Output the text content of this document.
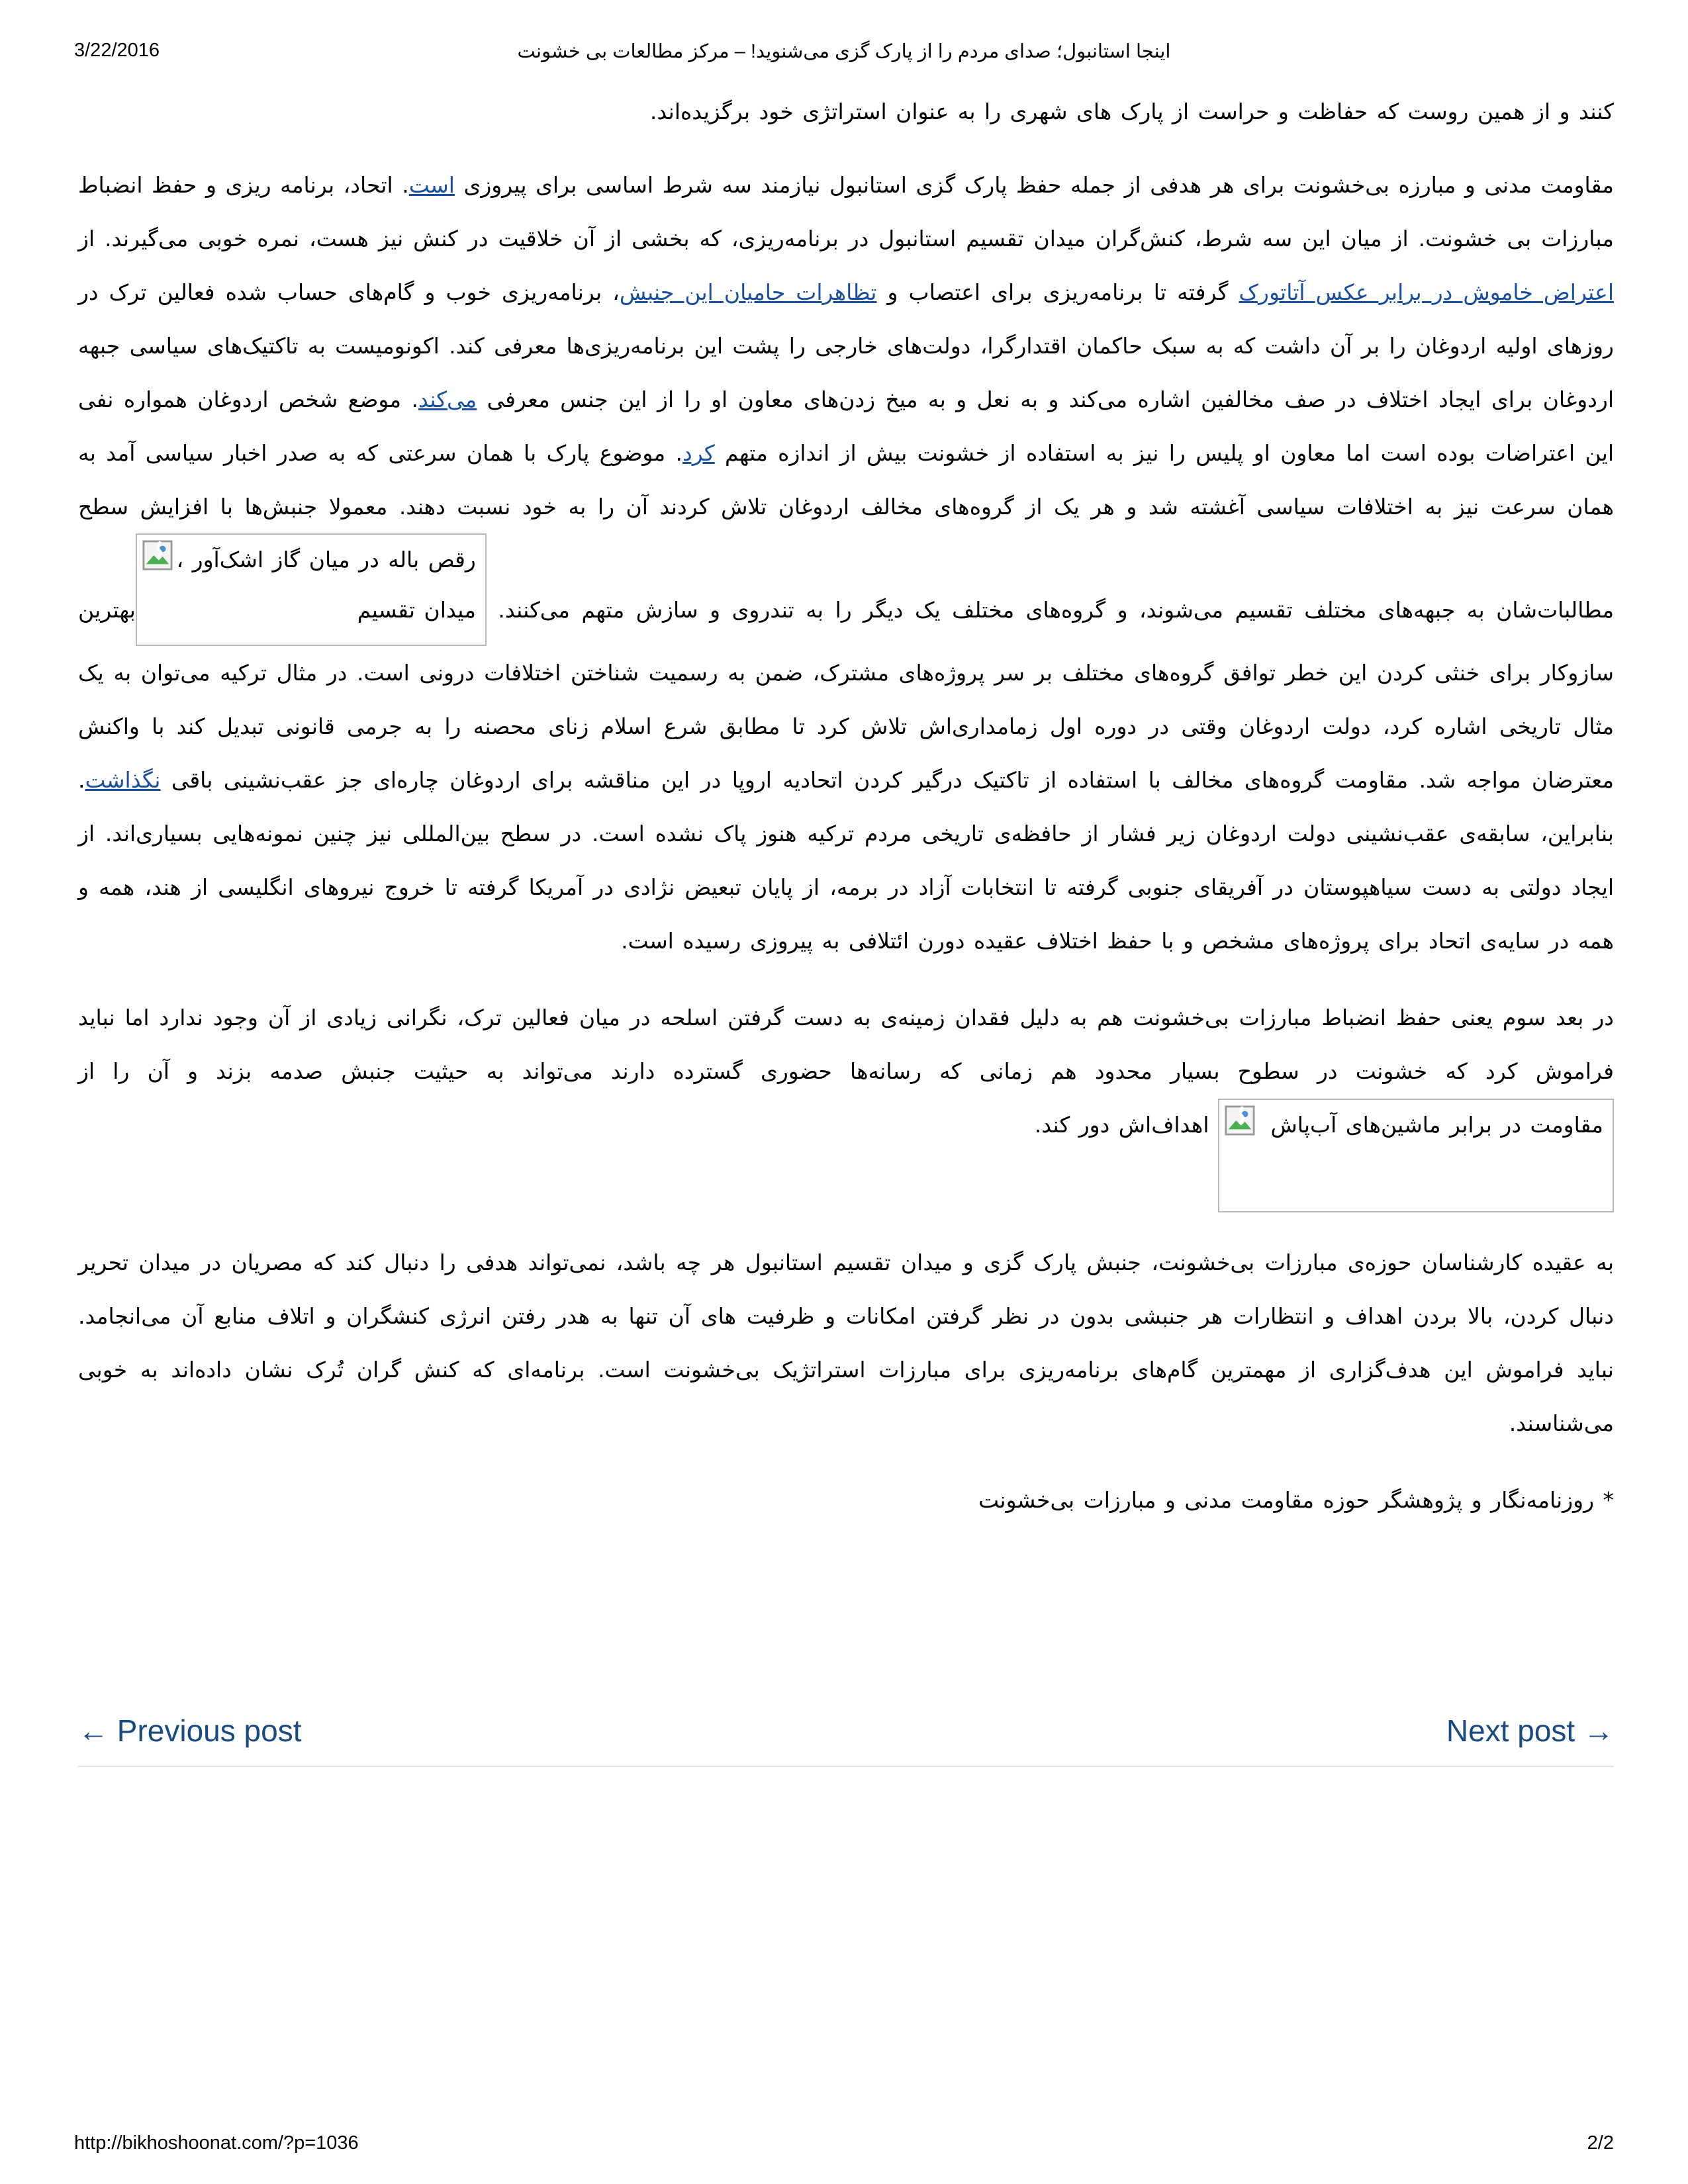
3/22/2016	اینجا استانبول؛ صدای مردم را از پارک گزی می‌شنوید! – مرکز مطالعات بی خشونت

کنند و از همین روست که حفاظت و حراست از پارک های شهری را به عنوان استراتژی خود برگزیده‌اند.

مقاومت مدنی و مبارزه بی‌خشونت برای هر هدفی از جمله حفظ پارک گزی استانبول نیازمند سه شرط اساسی برای پیروزی است. اتحاد، برنامه ریزی و حفظ انضباط مبارزات بی خشونت. از میان این سه شرط، کنش‌گران میدان تقسیم استانبول در برنامه‌ریزی، که بخشی از آن خلاقیت در کنش نیز هست، نمره خوبی می‌گیرند. از اعتراض خاموش در برابر عکس آتاتورک گرفته تا برنامه‌ریزی برای اعتصاب و تظاهرات حامیان این جنبش، برنامه‌ریزی خوب و گام‌های حساب شده فعالین ترک در روزهای اولیه اردوغان را بر آن داشت که به سبک حاکمان اقتدارگرا، دولت‌های خارجی را پشت این برنامه‌ریزی‌ها معرفی کند. اکونومیست به تاکتیک‌های سیاسی جبهه اردوغان برای ایجاد اختلاف در صف مخالفین اشاره می‌کند و به نعل و به میخ زدن‌های معاون او را از این جنس معرفی می‌کند. موضع شخص اردوغان همواره نفی این اعتراضات بوده است اما معاون او پلیس را نیز به استفاده از خشونت بیش از اندازه متهم کرد. موضوع پارک با همان سرعتی که به صدر اخبار سیاسی آمد به همان سرعت نیز به اختلافات سیاسی آغشته شد و هر یک از گروه‌های مخالف اردوغان تلاش کردند آن را به خود نسبت دهند. معمولا جنبش‌ها با افزایش سطح مطالبات‌شان به جبهه‌های مختلف تقسیم می‌شوند، و گروه‌های مختلف یک دیگر را به تندروی و سازش متهم می‌کنند.
رقص باله در میان گاز اشک‌آور ، میدان تقسیمبهترین سازوکار برای خنثی کردن این خطر توافق گروه‌های مختلف بر سر پروژه‌های مشترک، ضمن به رسمیت شناختن اختلافات درونی است. در مثال ترکیه می‌توان به یک مثال تاریخی اشاره کرد، دولت اردوغان وقتی در دوره اول زمامداری‌اش تلاش کرد تا مطابق شرع اسلام زنای محصنه را به جرمی قانونی تبدیل کند با واکنش معترضان مواجه شد. مقاومت گروه‌های مخالف با استفاده از تاکتیک درگیر کردن اتحادیه اروپا در این مناقشه برای اردوغان چاره‌ای جز عقب‌نشینی باقی نگذاشت. بنابراین، سابقه‌ی عقب‌نشینی دولت اردوغان زیر فشار از حافظه‌ی تاریخی مردم ترکیه هنوز پاک نشده است. در سطح بین‌المللی نیز چنین نمونه‌هایی بسیاری‌اند. از ایجاد دولتی به دست سیاهپوستان در آفریقای جنوبی گرفته تا انتخابات آزاد در برمه، از پایان تبعیض نژادی در آمریکا گرفته تا خروج نیروهای انگلیسی از هند، همه و همه در سایه‌ی اتحاد برای پروژه‌های مشخص و با حفظ اختلاف عقیده دورن ائتلافی به پیروزی رسیده است.

در بعد سوم یعنی حفظ انضباط مبارزات بی‌خشونت هم به دلیل فقدان زمینه‌ی به دست گرفتن اسلحه در میان فعالین ترک، نگرانی زیادی از آن وجود ندارد اما نباید فراموش کرد که خشونت در سطوح بسیار محدود هم زمانی که رسانه‌ها حضوری گسترده دارند می‌تواند به حیثیت جنبش صدمه بزند و آن را از
مقاومت در برابر ماشین‌های آب‌پاش اهداف‌اش دور کند.

به عقیده کارشناسان حوزه‌ی مبارزات بی‌خشونت، جنبش پارک گزی و میدان تقسیم استانبول هر چه باشد، نمی‌تواند هدفی را دنبال کند که مصریان در میدان تحریر دنبال کردن، بالا بردن اهداف و انتظارات هر جنبشی بدون در نظر گرفتن امکانات و ظرفیت های آن تنها به هدر رفتن انرژی کنشگران و اتلاف منابع آن می‌انجامد. نباید فراموش این هدف‌گزاری از مهمترین گام‌های برنامه‌ریزی برای مبارزات استراتژیک بی‌خشونت است. برنامه‌ای که کنش گران تُرک نشان داده‌اند به خوبی می‌شناسند.

* روزنامه‌نگار و پژوهشگر حوزه مقاومت مدنی و مبارزات بی‌خشونت

← Previous post	Next post →
http://bikhoshoonat.com/?p=1036	2/2
